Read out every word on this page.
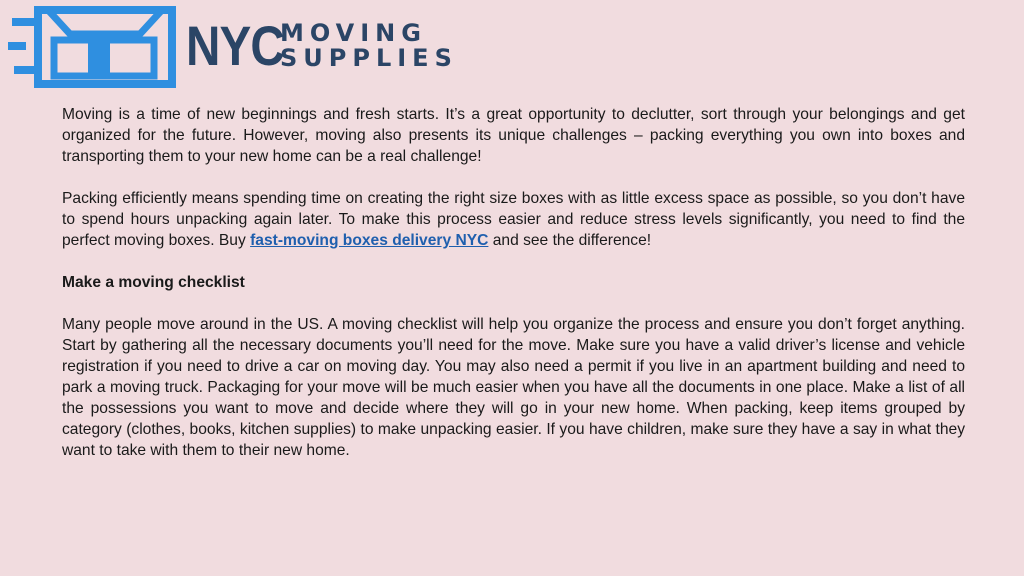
NYC
MOVING
SUPPLIES

Moving is a time of new beginnings and fresh starts. It’s a great opportunity to declutter, sort through your belongings and get organized for the future. However, moving also presents its unique challenges – packing everything you own into boxes and transporting them to your new home can be a real challenge!

Packing efficiently means spending time on creating the right size boxes with as little excess space as possible, so you don’t have to spend hours unpacking again later. To make this process easier and reduce stress levels significantly, you need to find the perfect moving boxes. Buy fast-moving boxes delivery NYC and see the difference!

Make a moving checklist

Many people move around in the US. A moving checklist will help you organize the process and ensure you don’t forget anything. Start by gathering all the necessary documents you’ll need for the move. Make sure you have a valid driver’s license and vehicle registration if you need to drive a car on moving day. You may also need a permit if you live in an apartment building and need to park a moving truck. Packaging for your move will be much easier when you have all the documents in one place. Make a list of all the possessions you want to move and decide where they will go in your new home. When packing, keep items grouped by category (clothes, books, kitchen supplies) to make unpacking easier. If you have children, make sure they have a say in what they want to take with them to their new home.
